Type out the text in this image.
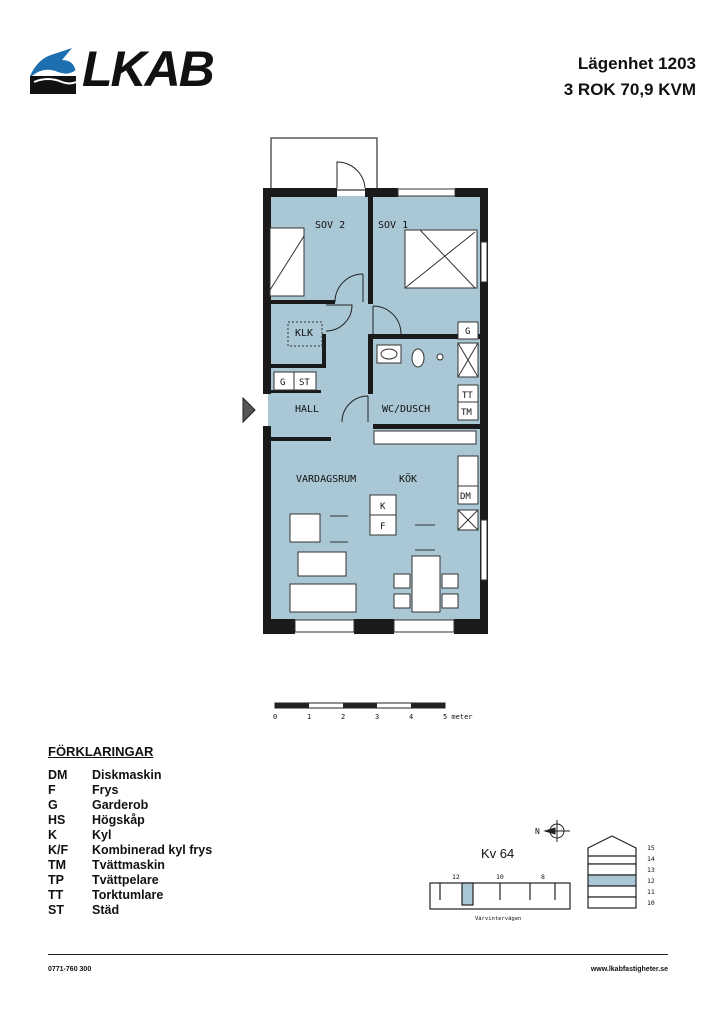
LKAB	Lägenhet 1203
3 ROK 70,9 KVM
SOV 2	SOV 1
KLK
HALL	WC/DUSCH
VARDAGSRUM	KÖK
G
G ST
TT
TM
DM
K
F
0	1	2	3	4	5 meter
FÖRKLARINGAR
DM Diskmaskin
F	Frys
G	Garderob
HS Högskåp
K	Kyl
K/F Kombinerad kyl frys
TM Tvättmaskin
TP Tvättpelare
TT Torktumlare
ST Städ
Kv 64
N
12	10	8
Värvintervägen
15
14
13
12
11
10
0771-760 300	www.lkabfastigheter.se
